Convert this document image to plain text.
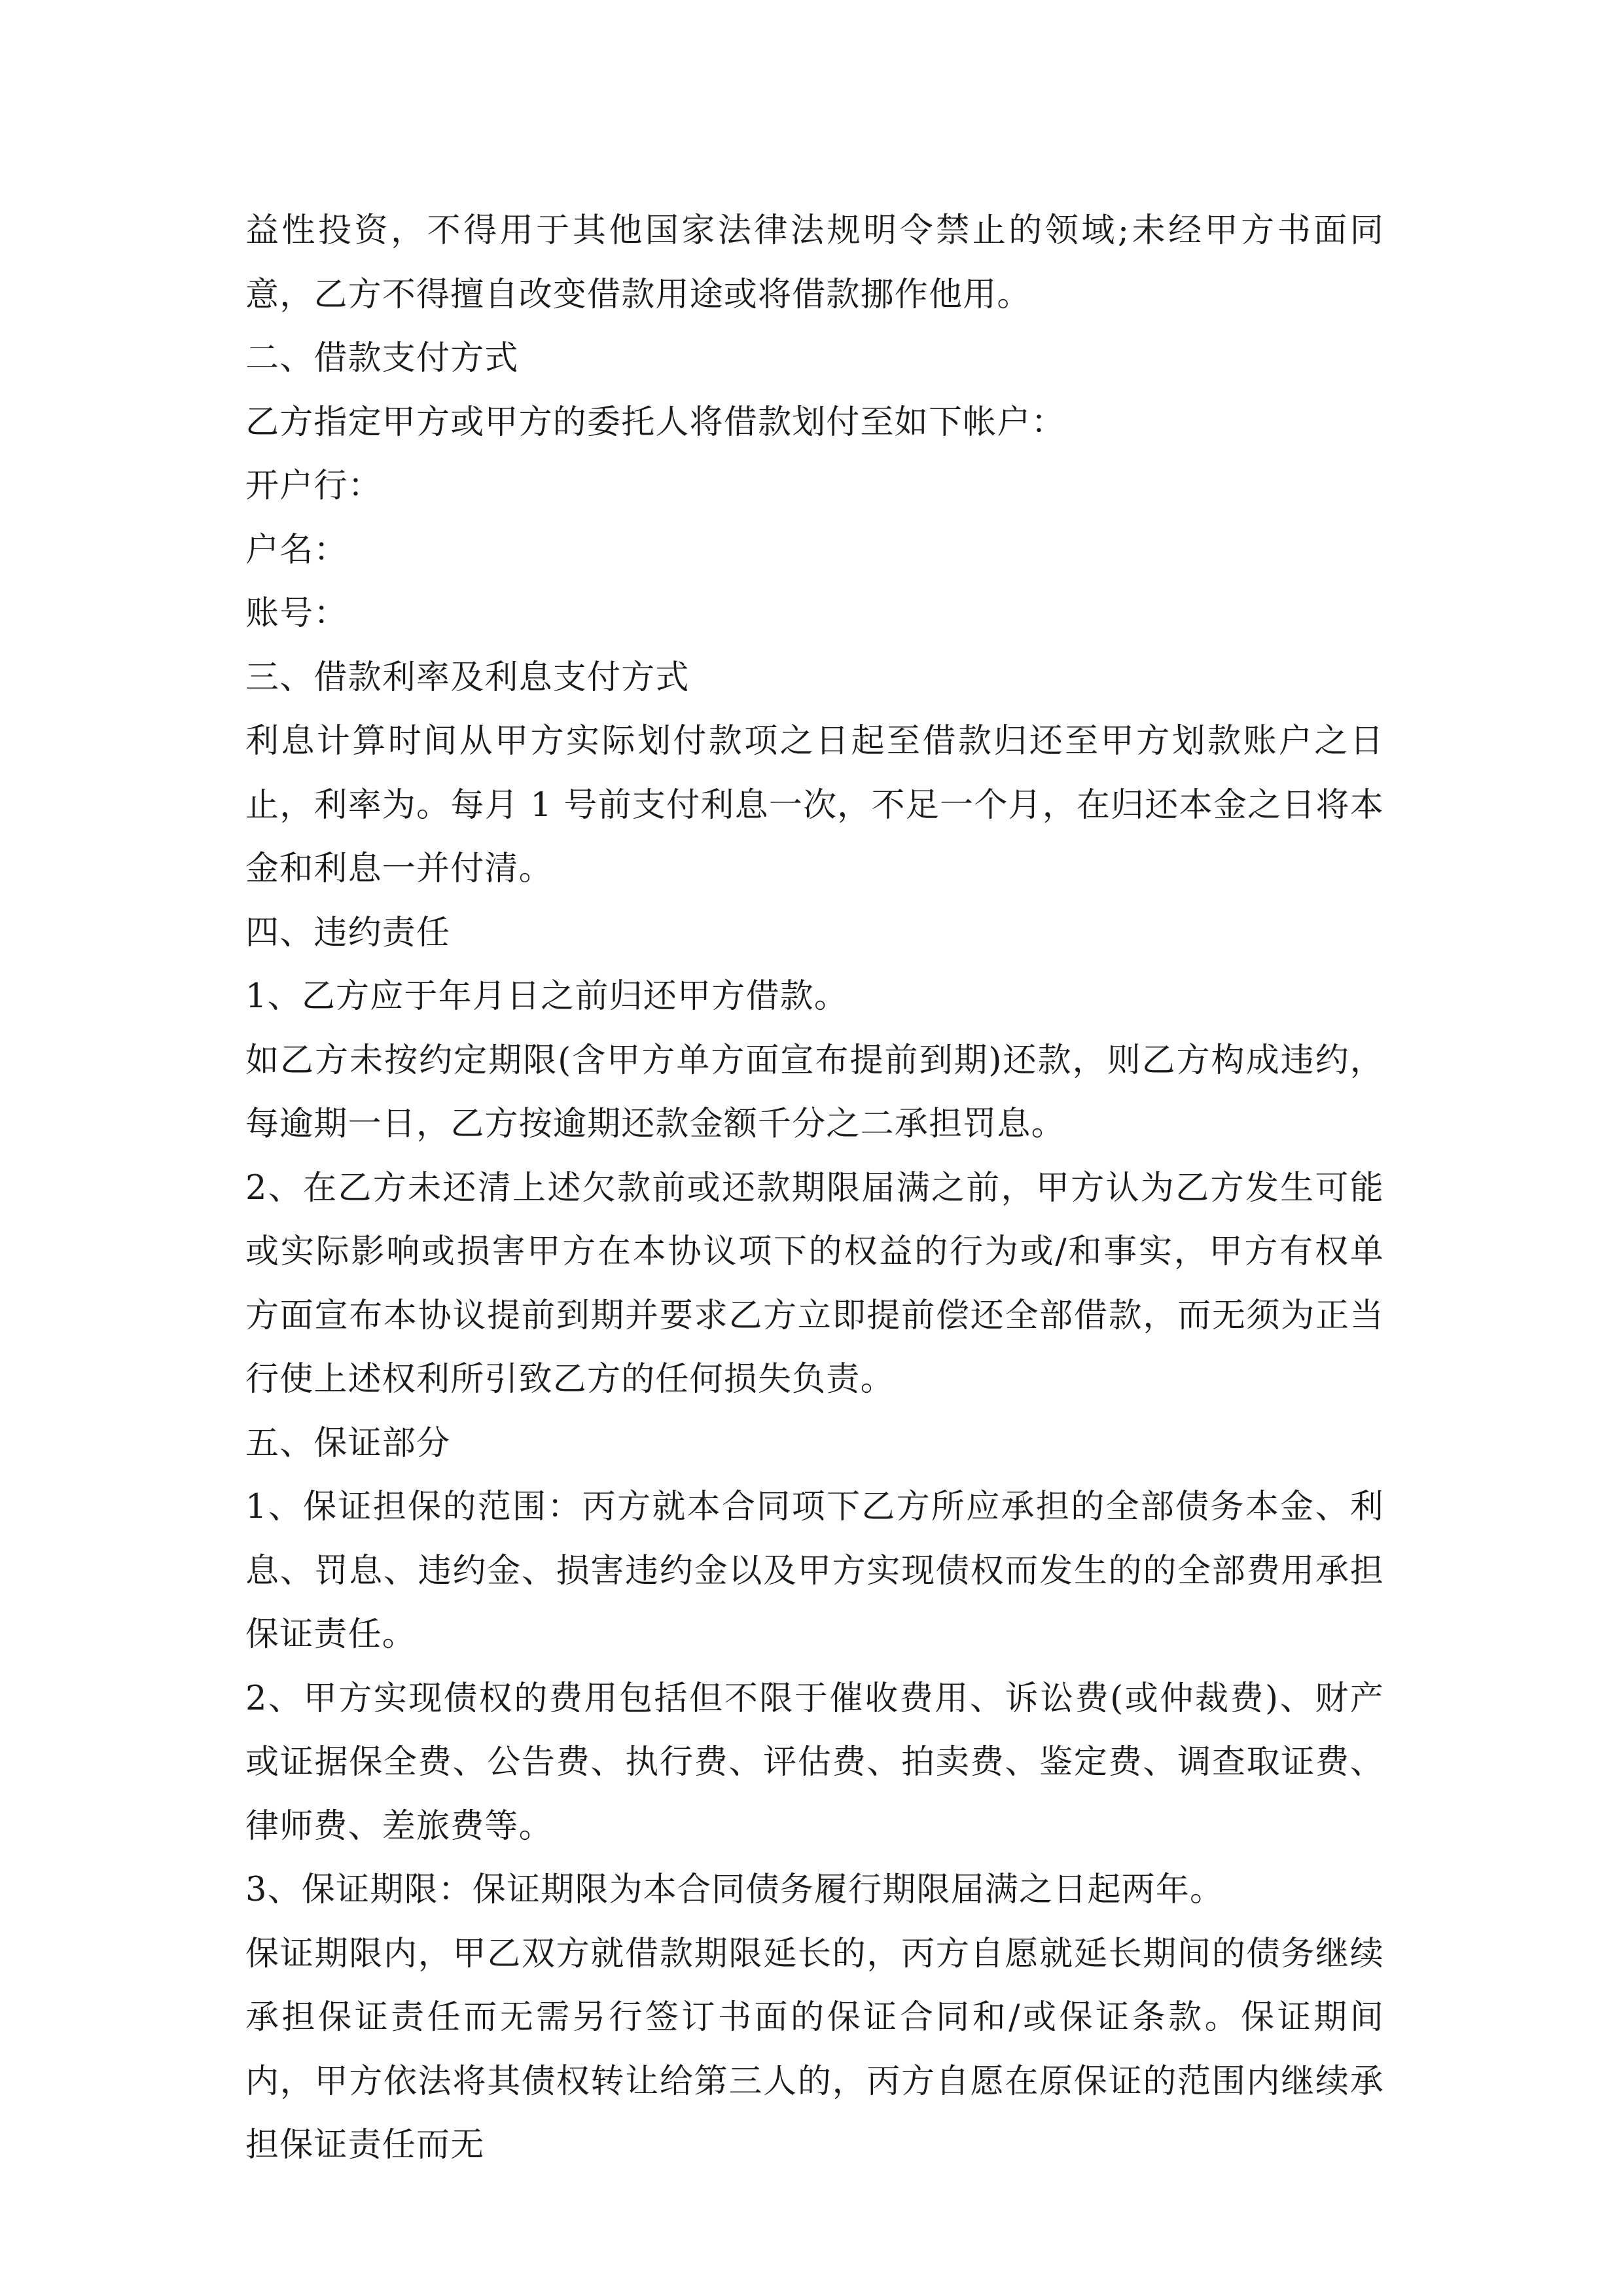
益性投资，不得用于其他国家法律法规明令禁止的领域;未经甲方书面同意，乙方不得擅自改变借款用途或将借款挪作他用。

二、借款支付方式

乙方指定甲方或甲方的委托人将借款划付至如下帐户：

开户行：

户名：

账号：

三、借款利率及利息支付方式

利息计算时间从甲方实际划付款项之日起至借款归还至甲方划款账户之日止，利率为。每月 1 号前支付利息一次，不足一个月，在归还本金之日将本金和利息一并付清。

四、违约责任

1、乙方应于年月日之前归还甲方借款。

如乙方未按约定期限(含甲方单方面宣布提前到期)还款，则乙方构成违约，每逾期一日，乙方按逾期还款金额千分之二承担罚息。

2、在乙方未还清上述欠款前或还款期限届满之前，甲方认为乙方发生可能或实际影响或损害甲方在本协议项下的权益的行为或/和事实，甲方有权单方面宣布本协议提前到期并要求乙方立即提前偿还全部借款，而无须为正当行使上述权利所引致乙方的任何损失负责。

五、保证部分

1、保证担保的范围：丙方就本合同项下乙方所应承担的全部债务本金、利息、罚息、违约金、损害违约金以及甲方实现债权而发生的的全部费用承担保证责任。

2、甲方实现债权的费用包括但不限于催收费用、诉讼费(或仲裁费)、财产或证据保全费、公告费、执行费、评估费、拍卖费、鉴定费、调查取证费、律师费、差旅费等。

3、保证期限：保证期限为本合同债务履行期限届满之日起两年。

保证期限内，甲乙双方就借款期限延长的，丙方自愿就延长期间的债务继续承担保证责任而无需另行签订书面的保证合同和/或保证条款。保证期间内，甲方依法将其债权转让给第三人的，丙方自愿在原保证的范围内继续承担保证责任而无
